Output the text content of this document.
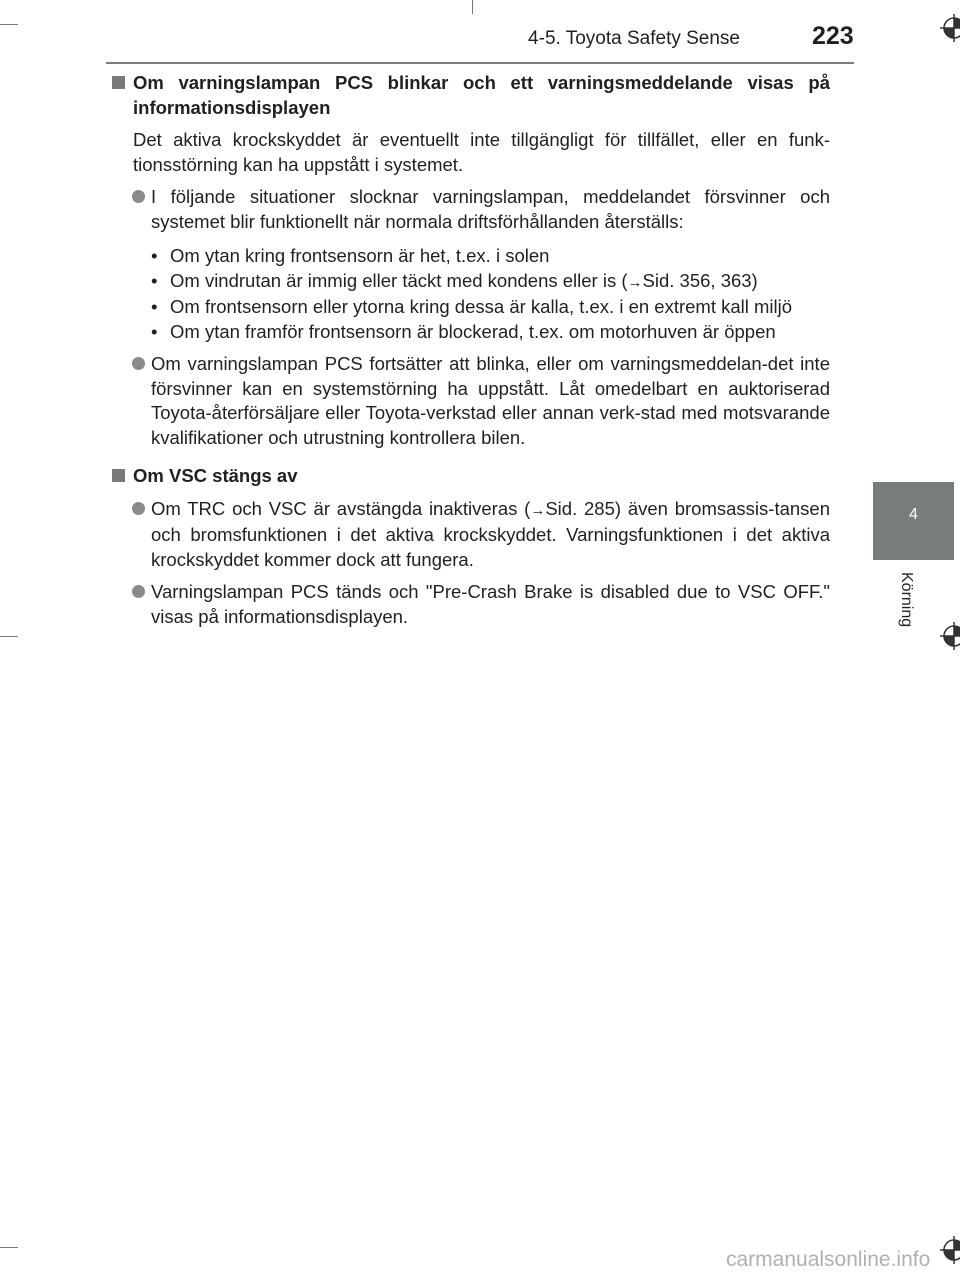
4-5. Toyota Safety Sense	223
4
Körning
Om varningslampan PCS blinkar och ett varningsmeddelande visas på informationsdisplayen
Det aktiva krockskyddet är eventuellt inte tillgängligt för tillfället, eller en funk-tionsstörning kan ha uppstått i systemet.
I följande situationer slocknar varningslampan, meddelandet försvinner och systemet blir funktionellt när normala driftsförhållanden återställs:
• Om ytan kring frontsensorn är het, t.ex. i solen
• Om vindrutan är immig eller täckt med kondens eller is (→Sid. 356, 363)
• Om frontsensorn eller ytorna kring dessa är kalla, t.ex. i en extremt kall miljö
• Om ytan framför frontsensorn är blockerad, t.ex. om motorhuven är öppen
Om varningslampan PCS fortsätter att blinka, eller om varningsmeddelan-det inte försvinner kan en systemstörning ha uppstått. Låt omedelbart en auktoriserad Toyota-återförsäljare eller Toyota-verkstad eller annan verk-stad med motsvarande kvalifikationer och utrustning kontrollera bilen.
Om VSC stängs av
Om TRC och VSC är avstängda inaktiveras (→Sid. 285) även bromsassis-tansen och bromsfunktionen i det aktiva krockskyddet. Varningsfunktionen i det aktiva krockskyddet kommer dock att fungera.
Varningslampan PCS tänds och "Pre-Crash Brake is disabled due to VSC OFF." visas på informationsdisplayen.
carmanualsonline.info
